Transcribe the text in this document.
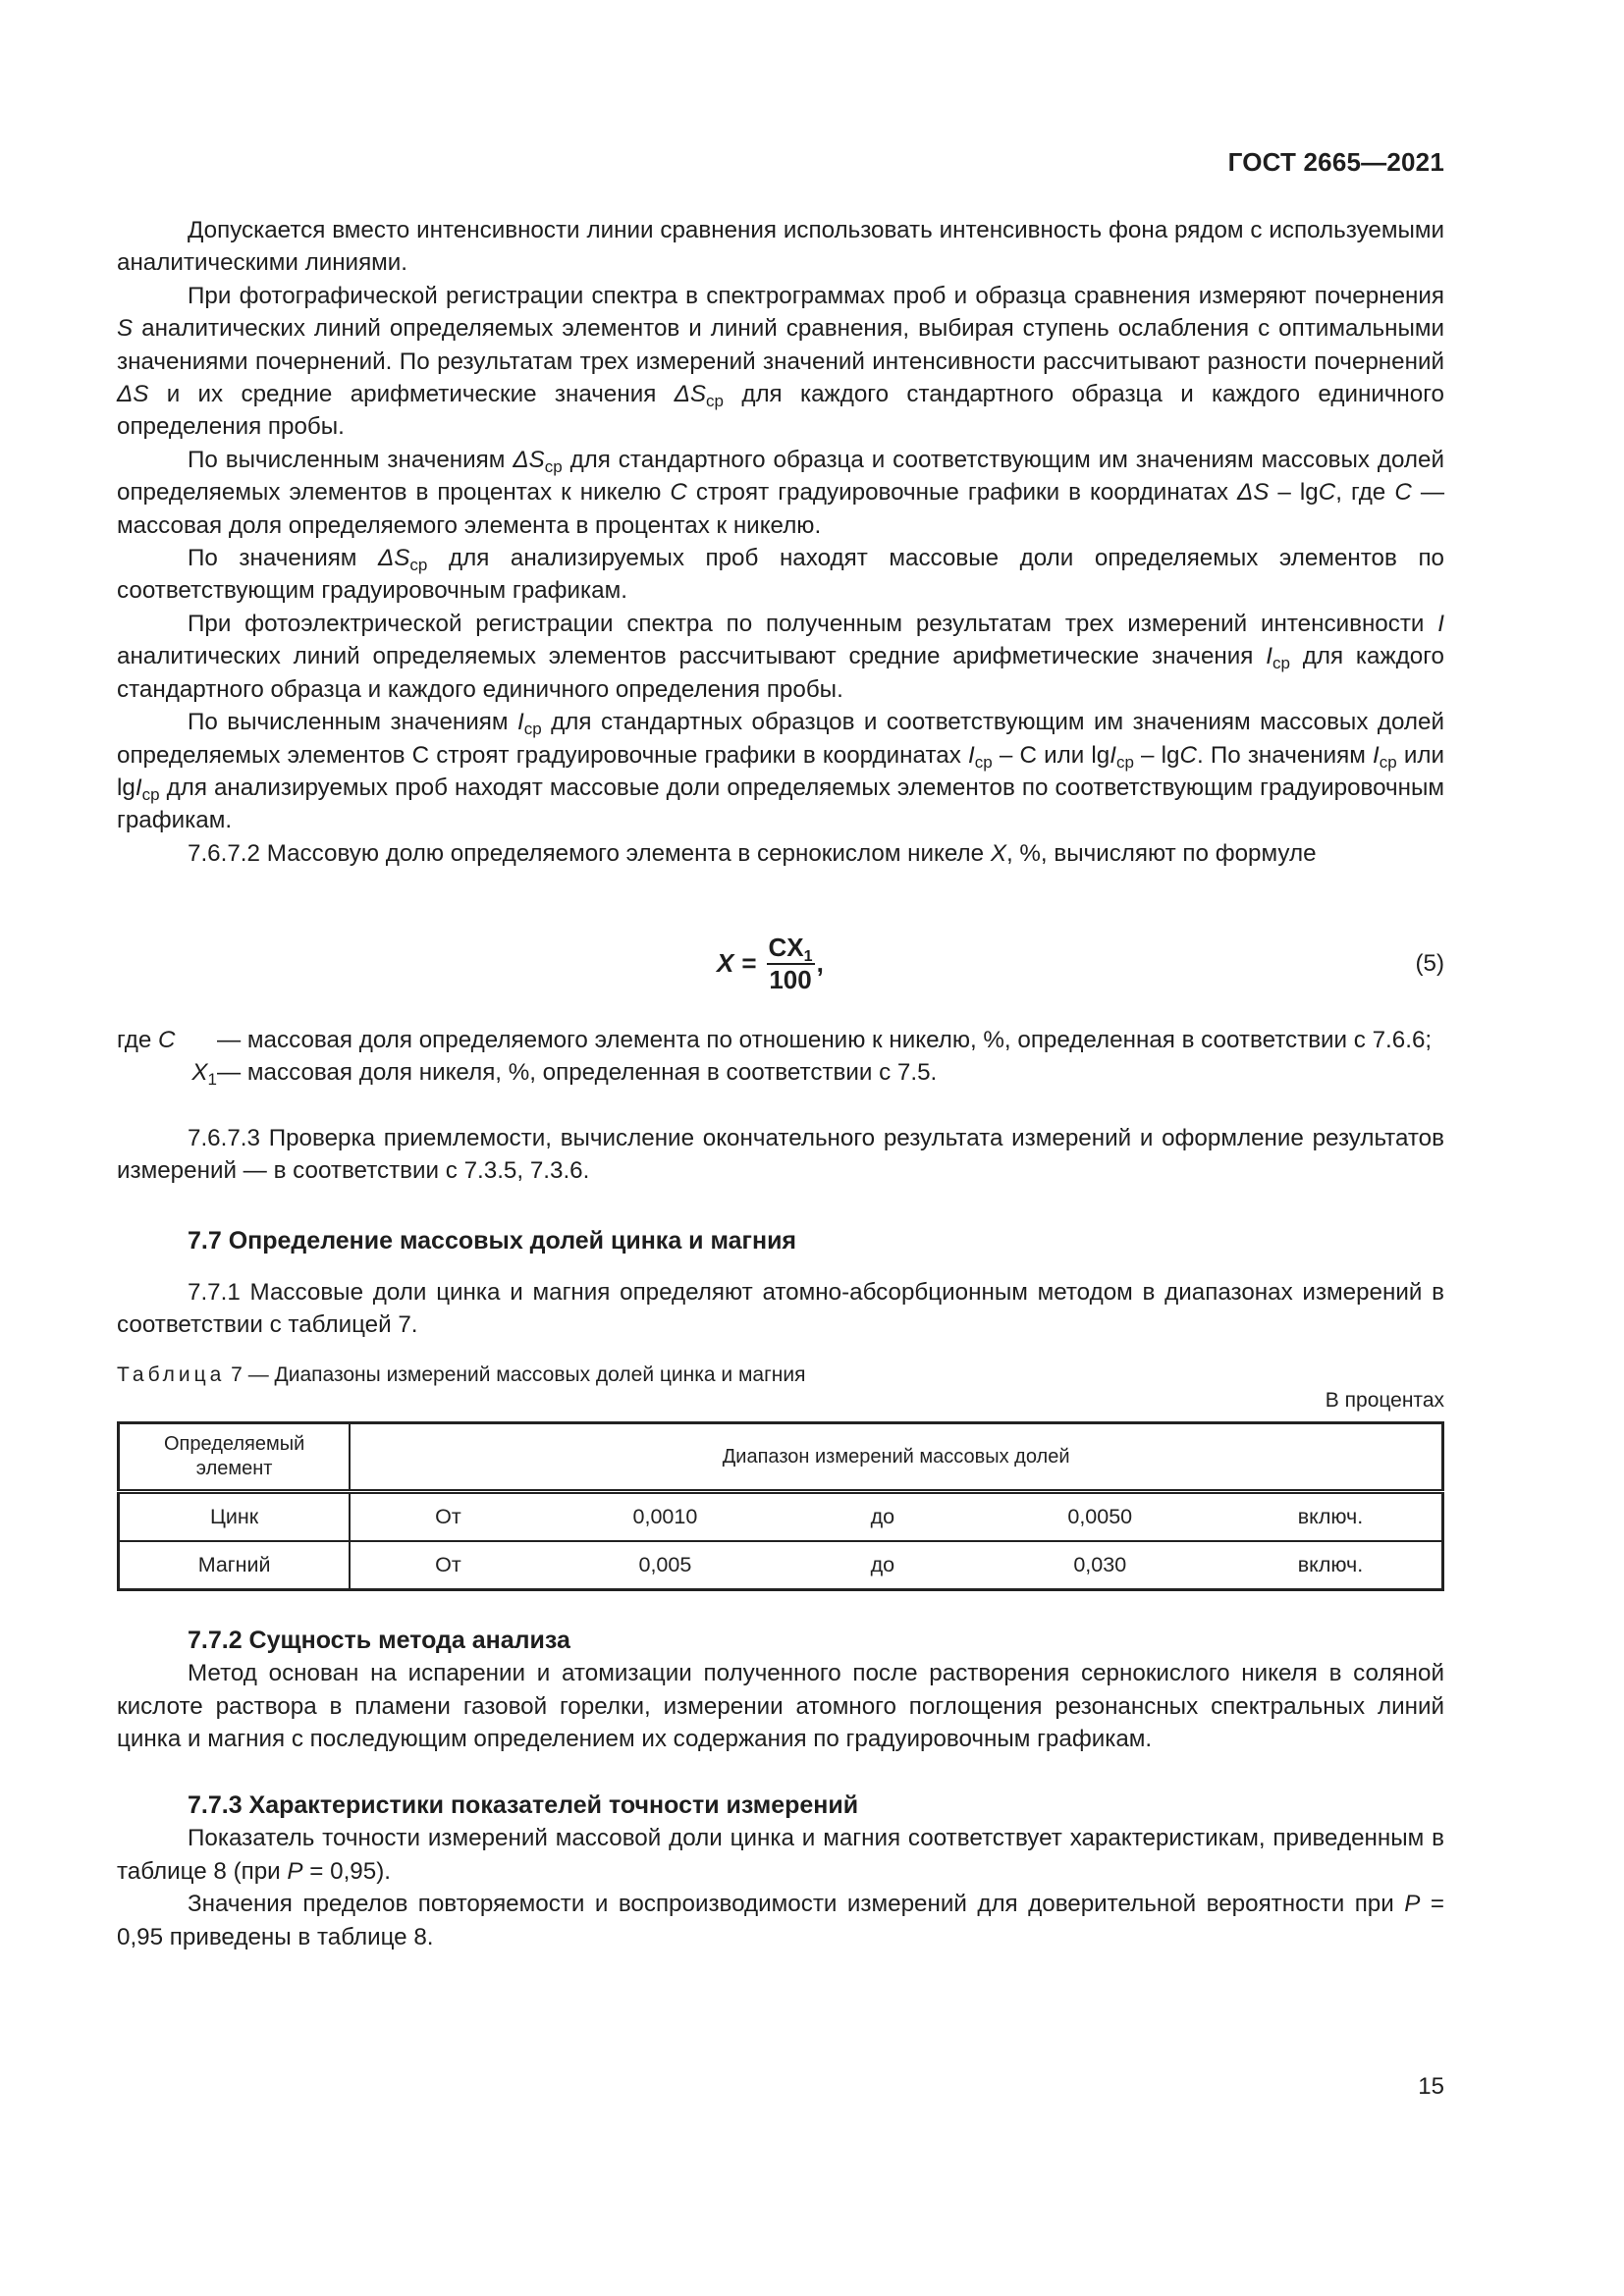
ГОСТ 2665—2021

Допускается вместо интенсивности линии сравнения использовать интенсивность фона рядом с используемыми аналитическими линиями.

При фотографической регистрации спектра в спектрограммах проб и образца сравнения измеряют почернения S аналитических линий определяемых элементов и линий сравнения, выбирая ступень ослабления с оптимальными значениями почернений. По результатам трех измерений значений интенсивности рассчитывают разности почернений ΔS и их средние арифметические значения $\Delta S_{ср}$ для каждого стандартного образца и каждого единичного определения пробы.

По вычисленным значениям $\Delta S_{ср}$ для стандартного образца и соответствующим им значениям массовых долей определяемых элементов в процентах к никелю C строят градуировочные графики в координатах ΔS – lgC, где C — массовая доля определяемого элемента в процентах к никелю.

По значениям $\Delta S_{ср}$ для анализируемых проб находят массовые доли определяемых элементов по соответствующим градуировочным графикам.

При фотоэлектрической регистрации спектра по полученным результатам трех измерений интенсивности I аналитических линий определяемых элементов рассчитывают средние арифметические значения $I_{ср}$ для каждого стандартного образца и каждого единичного определения пробы.

По вычисленным значениям $I_{ср}$ для стандартных образцов и соответствующим им значениям массовых долей определяемых элементов С строят градуировочные графики в координатах $I_{ср}$ – С или lgI$_{ср}$ – lgC. По значениям $I_{ср}$ или lgI$_{ср}$ для анализируемых проб находят массовые доли определяемых элементов по соответствующим градуировочным графикам.

7.6.7.2 Массовую долю определяемого элемента в сернокислом никеле X, %, вычисляют по формуле

$X = \frac{CX_1}{100}$ ,	(5)
где C	— массовая доля определяемого элемента по отношению к никелю, %, определенная в соответствии с 7.6.6;
$X_1$ — массовая доля никеля, %, определенная в соответствии с 7.5.

7.6.7.3 Проверка приемлемости, вычисление окончательного результата измерений и оформление результатов измерений — в соответствии с 7.3.5, 7.3.6.

7.7 Определение массовых долей цинка и магния

7.7.1 Массовые доли цинка и магния определяют атомно-абсорбционным методом в диапазонах измерений в соответствии с таблицей 7.

Таблица 7 — Диапазоны измерений массовых долей цинка и магния
В процентах
Определяемый элемент	Диапазон измерений массовых долей				
Цинк	От	0,0010	до	0,0050	включ.
Магний	От	0,005	до	0,030	включ.
7.7.2 Сущность метода анализа

Метод основан на испарении и атомизации полученного после растворения сернокислого никеля в соляной кислоте раствора в пламени газовой горелки, измерении атомного поглощения резонансных спектральных линий цинка и магния с последующим определением их содержания по градуировочным графикам.

7.7.3 Характеристики показателей точности измерений

Показатель точности измерений массовой доли цинка и магния соответствует характеристикам, приведенным в таблице 8 (при P = 0,95).

Значения пределов повторяемости и воспроизводимости измерений для доверительной вероятности при P = 0,95 приведены в таблице 8.

15
